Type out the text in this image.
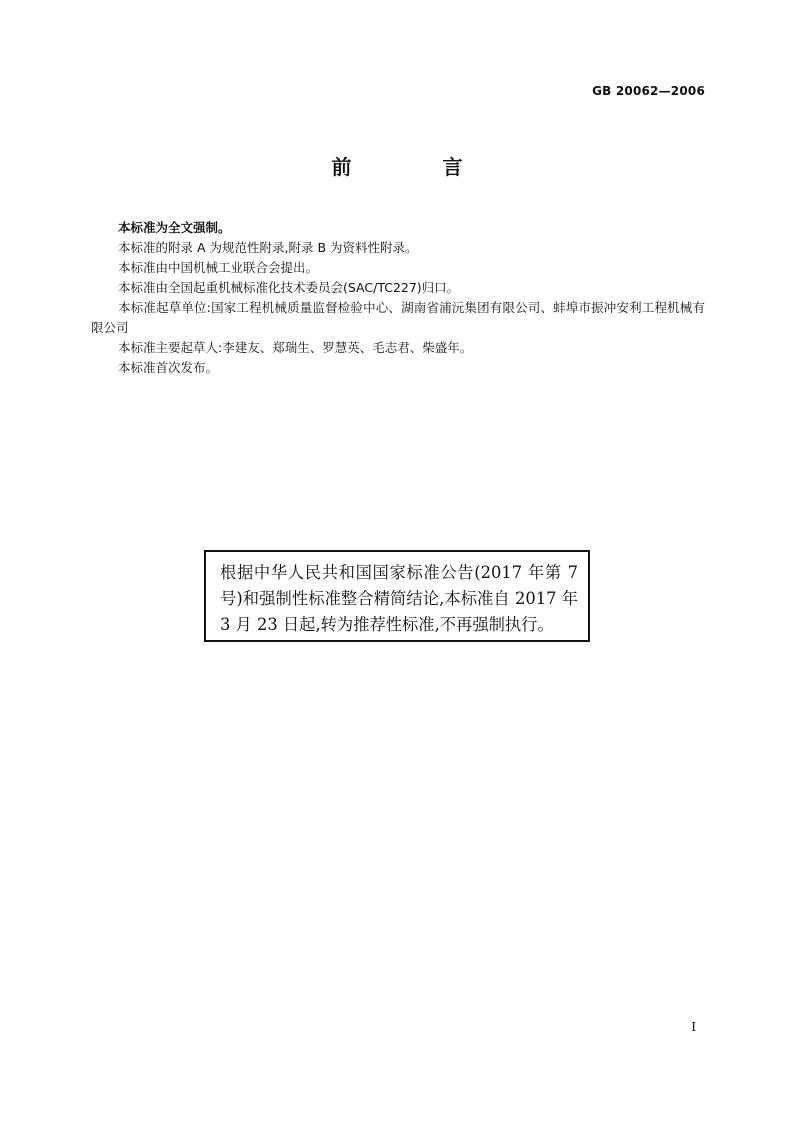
GB 20062—2006
前 言

本标准为全文强制。

本标准的附录 A 为规范性附录,附录 B 为资料性附录。

本标准由中国机械工业联合会提出。

本标准由全国起重机械标准化技术委员会(SAC/TC227)归口。

本标准起草单位:国家工程机械质量监督检验中心、湖南省浦沅集团有限公司、蚌埠市振冲安利工程机械有限公司

本标准主要起草人:李建友、郑瑞生、罗慧英、毛志君、柴盛年。

本标准首次发布。

根据中华人民共和国国家标准公告(2017 年第 7 号)和强制性标准整合精简结论,本标准自 2017 年 3 月 23 日起,转为推荐性标准,不再强制执行。
I
